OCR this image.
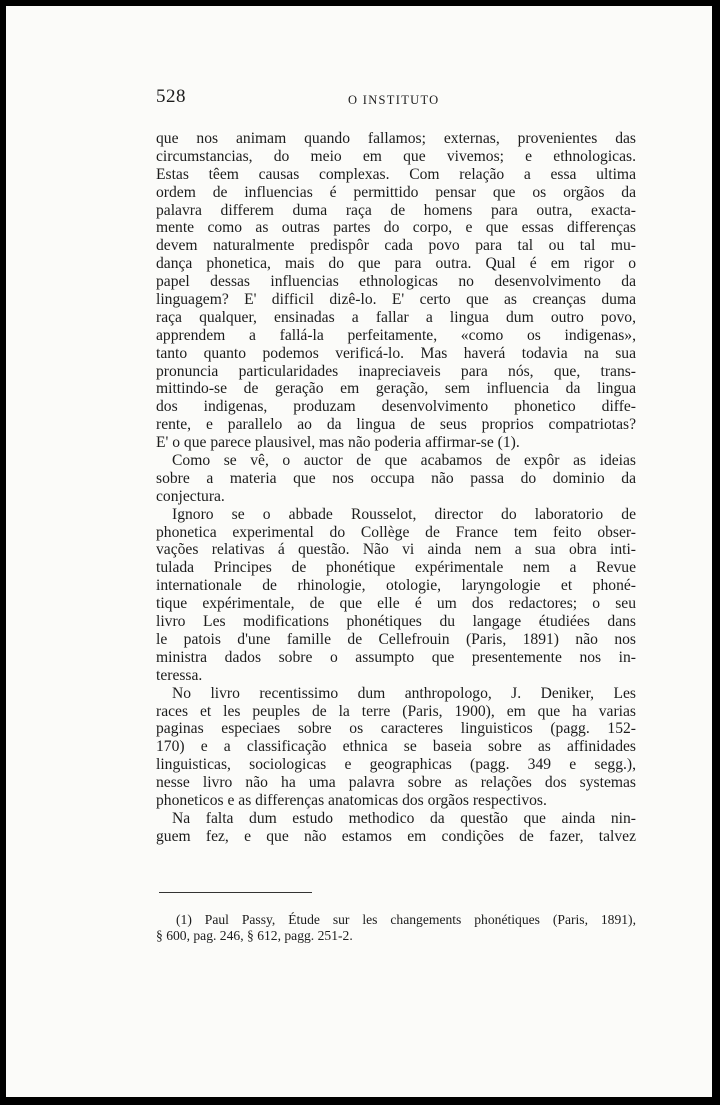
528	O INSTITUTO
que nos animam quando fallamos; externas, provenientes das
circumstancias, do meio em que vivemos; e ethnologicas.
Estas têem causas complexas. Com relação a essa ultima
ordem de influencias é permittido pensar que os orgãos da
palavra differem duma raça de homens para outra, exacta-
mente como as outras partes do corpo, e que essas differenças
devem naturalmente predispôr cada povo para tal ou tal mu-
dança phonetica, mais do que para outra. Qual é em rigor o
papel dessas influencias ethnologicas no desenvolvimento da
linguagem? E' difficil dizê-lo. E' certo que as creanças duma
raça qualquer, ensinadas a fallar a lingua dum outro povo,
apprendem a fallá-la perfeitamente, «como os indigenas»,
tanto quanto podemos verificá-lo. Mas haverá todavia na sua
pronuncia particularidades inapreciaveis para nós, que, trans-
mittindo-se de geração em geração, sem influencia da lingua
dos indigenas, produzam desenvolvimento phonetico diffe-
rente, e parallelo ao da lingua de seus proprios compatriotas?
E' o que parece plausivel, mas não poderia affirmar-se (1).
Como se vê, o auctor de que acabamos de expôr as ideias
sobre a materia que nos occupa não passa do dominio da
conjectura.
Ignoro se o abbade Rousselot, director do laboratorio de
phonetica experimental do Collège de France tem feito obser-
vações relativas á questão. Não vi ainda nem a sua obra inti-
tulada Principes de phonétique expérimentale nem a Revue
internationale de rhinologie, otologie, laryngologie et phoné-
tique expérimentale, de que elle é um dos redactores; o seu
livro Les modifications phonétiques du langage étudiées dans
le patois d'une famille de Cellefrouin (Paris, 1891) não nos
ministra dados sobre o assumpto que presentemente nos in-
teressa.
No livro recentissimo dum anthropologo, J. Deniker, Les
races et les peuples de la terre (Paris, 1900), em que ha varias
paginas especiaes sobre os caracteres linguisticos (pagg. 152-
170) e a classificação ethnica se baseia sobre as affinidades
linguisticas, sociologicas e geographicas (pagg. 349 e segg.),
nesse livro não ha uma palavra sobre as relações dos systemas
phoneticos e as differenças anatomicas dos orgãos respectivos.
Na falta dum estudo methodico da questão que ainda nin-
guem fez, e que não estamos em condições de fazer, talvez
(1) Paul Passy, Étude sur les changements phonétiques (Paris, 1891),
§ 600, pag. 246, § 612, pagg. 251-2.
